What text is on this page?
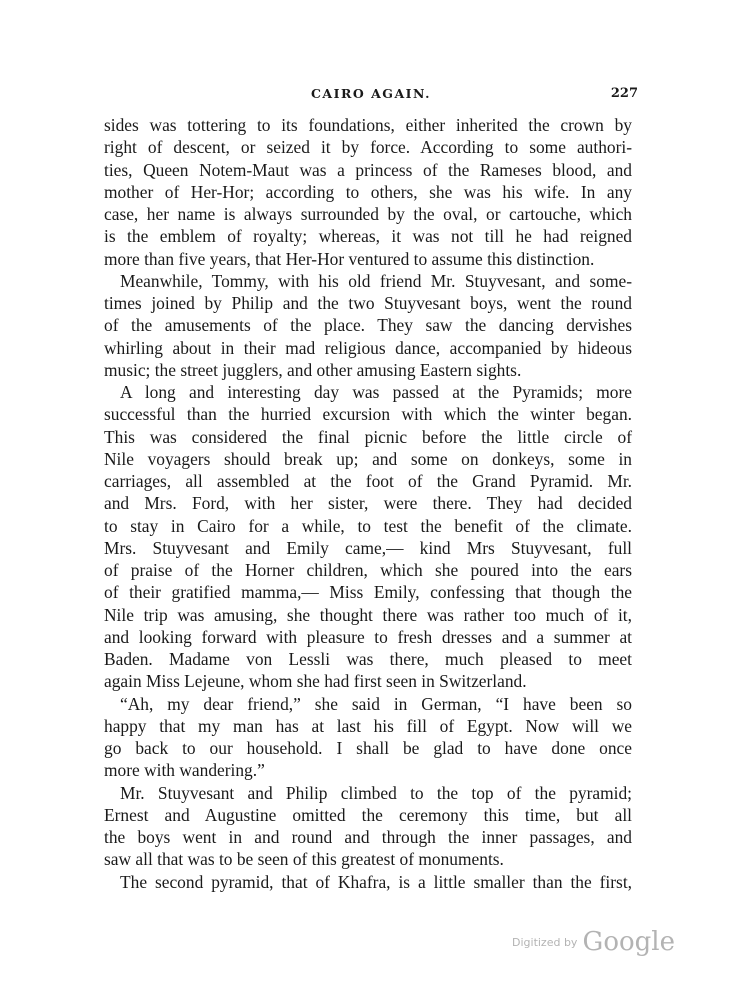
CAIRO AGAIN.	227
sides was tottering to its foundations, either inherited the crown by
right of descent, or seized it by force. According to some authori-
ties, Queen Notem-Maut was a princess of the Rameses blood, and
mother of Her-Hor; according to others, she was his wife. In any
case, her name is always surrounded by the oval, or cartouche, which
is the emblem of royalty; whereas, it was not till he had reigned
more than five years, that Her-Hor ventured to assume this distinction.
Meanwhile, Tommy, with his old friend Mr. Stuyvesant, and some-
times joined by Philip and the two Stuyvesant boys, went the round
of the amusements of the place. They saw the dancing dervishes
whirling about in their mad religious dance, accompanied by hideous
music; the street jugglers, and other amusing Eastern sights.
A long and interesting day was passed at the Pyramids; more
successful than the hurried excursion with which the winter began.
This was considered the final picnic before the little circle of
Nile voyagers should break up; and some on donkeys, some in
carriages, all assembled at the foot of the Grand Pyramid. Mr.
and Mrs. Ford, with her sister, were there. They had decided
to stay in Cairo for a while, to test the benefit of the climate.
Mrs. Stuyvesant and Emily came,— kind Mrs Stuyvesant, full
of praise of the Horner children, which she poured into the ears
of their gratified mamma,— Miss Emily, confessing that though the
Nile trip was amusing, she thought there was rather too much of it,
and looking forward with pleasure to fresh dresses and a summer at
Baden. Madame von Lessli was there, much pleased to meet
again Miss Lejeune, whom she had first seen in Switzerland.
“Ah, my dear friend,” she said in German, “I have been so
happy that my man has at last his fill of Egypt. Now will we
go back to our household. I shall be glad to have done once
more with wandering.”
Mr. Stuyvesant and Philip climbed to the top of the pyramid;
Ernest and Augustine omitted the ceremony this time, but all
the boys went in and round and through the inner passages, and
saw all that was to be seen of this greatest of monuments.
The second pyramid, that of Khafra, is a little smaller than the first,
$^{Digitized by}$ Google
